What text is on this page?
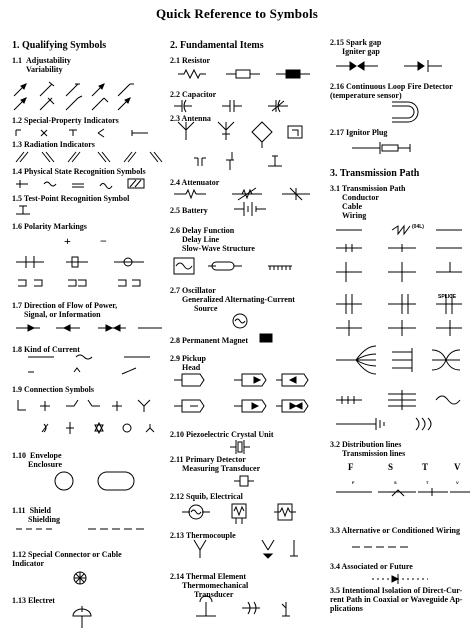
Quick Reference to Symbols
1. Qualifying Symbols
1.1 Adjustability
Variability
1.2 Special-Property Indicators
1.3 Radiation Indicators
1.4 Physical State Recognition Symbols
1.5 Test-Point Recognition Symbol
1.6 Polarity Markings
+ −
1.7 Direction of Flow of Power,
Signal, or Information
1.8 Kind of Current
1.9 Connection Symbols
1.10 Envelope
Enclosure
1.11 Shield
Shielding
1.12 Special Connector or Cable
Indicator
1.13 Electret
2. Fundamental Items
2.1 Resistor
2.2 Capacitor
2.3 Antenna
2.4 Attenuator
2.5 Battery
2.6 Delay Function
Delay Line
Slow-Wave Structure
2.7 Oscillator
Generalized Alternating-Current
Source
2.8 Permanent Magnet
2.9 Pickup
Head
2.10 Piezoelectric Crystal Unit
2.11 Primary Detector
Measuring Transducer
2.12 Squib, Electrical
2.13 Thermocouple
2.14 Thermal Element
Thermomechanical
Transducer
2.15 Spark gap
Igniter gap
2.16 Continuous Loop Fire Detector
(temperature sensor)
2.17 Ignitor Plug
3. Transmission Path
3.1 Transmission Path
Conductor
Cable
Wiring
(04L)
SPLICE
3.2 Distribution lines
Transmission lines
F	S	T	V
F	S	T	V
3.3 Alternative or Conditioned Wiring
3.4 Associated or Future
3.5 Intentional Isolation of Direct-Cur-
rent Path in Coaxial or Waveguide Ap-
plications
